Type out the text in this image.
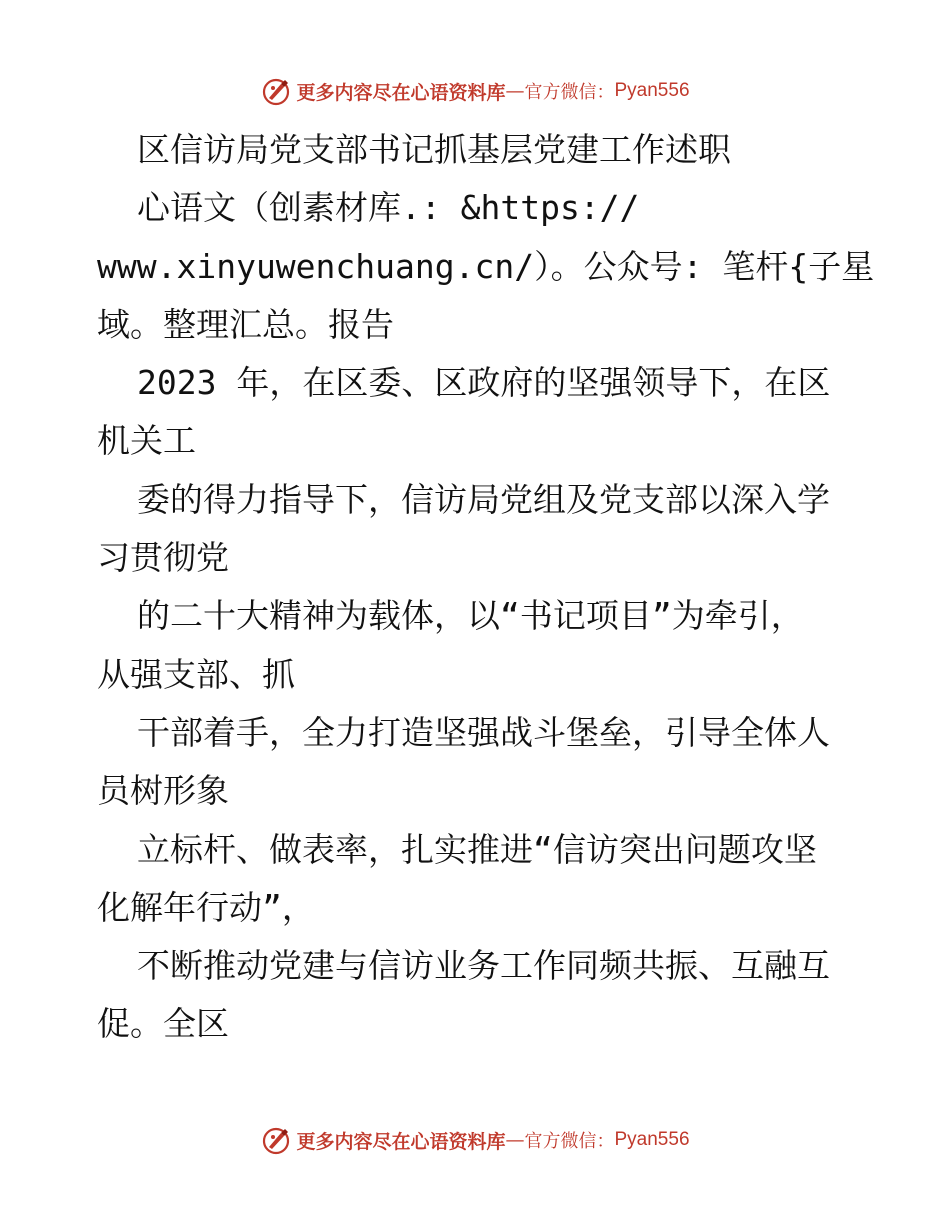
更多内容尽在心语资料库 — 官方微信： Pyan556
区信访局党支部书记抓基层党建工作述职
心语文（创素材库.: &https://
www.xinyuwenchuang.cn/）。公众号: 笔杆{子星
域。整理汇总。报告
2023 年，在区委、区政府的坚强领导下，在区
机关工
委的得力指导下，信访局党组及党支部以深入学
习贯彻党
的二十大精神为载体，以“书记项目”为牵引，
从强支部、抓
干部着手，全力打造坚强战斗堡垒，引导全体人
员树形象
立标杆、做表率，扎实推进“信访突出问题攻坚
化解年行动”，
不断推动党建与信访业务工作同频共振、互融互
促。全区
更多内容尽在心语资料库 — 官方微信： Pyan556
